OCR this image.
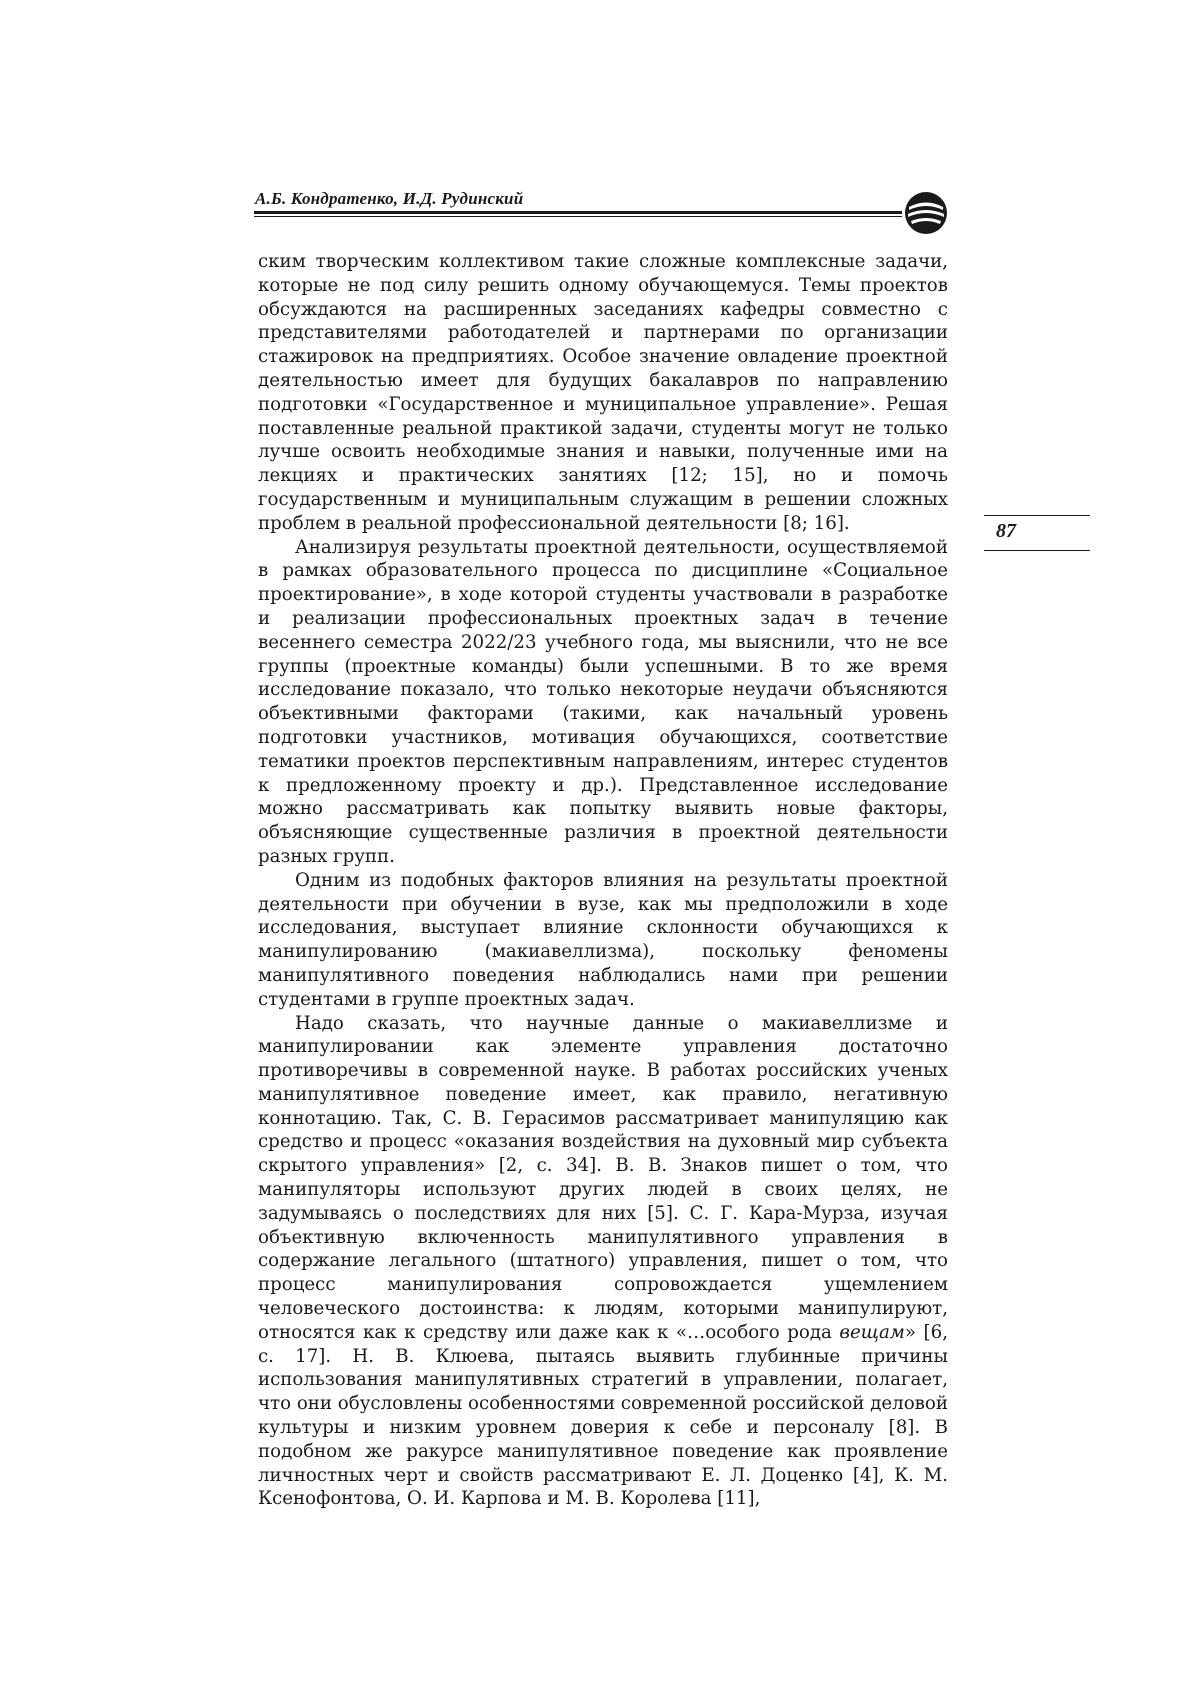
А.Б. Кондратенко, И.Д. Рудинский
87

ским творческим коллективом такие сложные комплексные задачи, которые не под силу решить одному обучающемуся. Темы проектов обсуждаются на расширенных заседаниях кафедры совместно с представителями работодателей и партнерами по организации стажировок на предприятиях. Особое значение овладение проектной деятельностью имеет для будущих бакалавров по направлению подготовки «Государственное и муниципальное управление». Решая поставленные реальной практикой задачи, студенты могут не только лучше освоить необходимые знания и навыки, полученные ими на лекциях и практических занятиях [12; 15], но и помочь государственным и муниципальным служащим в решении сложных проблем в реальной профессиональной деятельности [8; 16].

Анализируя результаты проектной деятельности, осуществляемой в рамках образовательного процесса по дисциплине «Социальное проектирование», в ходе которой студенты участвовали в разработке и реализации профессиональных проектных задач в течение весеннего семестра 2022/23 учебного года, мы выяснили, что не все группы (проектные команды) были успешными. В то же время исследование показало, что только некоторые неудачи объясняются объективными факторами (такими, как начальный уровень подготовки участников, мотивация обучающихся, соответствие тематики проектов перспективным направлениям, интерес студентов к предложенному проекту и др.). Представленное исследование можно рассматривать как попытку выявить новые факторы, объясняющие существенные различия в проектной деятельности разных групп.

Одним из подобных факторов влияния на результаты проектной деятельности при обучении в вузе, как мы предположили в ходе исследования, выступает влияние склонности обучающихся к манипулированию (макиавеллизма), поскольку феномены манипулятивного поведения наблюдались нами при решении студентами в группе проектных задач.

Надо сказать, что научные данные о макиавеллизме и манипулировании как элементе управления достаточно противоречивы в современной науке. В работах российских ученых манипулятивное поведение имеет, как правило, негативную коннотацию. Так, С. В. Герасимов рассматривает манипуляцию как средство и процесс «оказания воздействия на духовный мир субъекта скрытого управления» [2, с. 34]. В. В. Знаков пишет о том, что манипуляторы используют других людей в своих целях, не задумываясь о последствиях для них [5]. С. Г. Кара-Мурза, изучая объективную включенность манипулятивного управления в содержание легального (штатного) управления, пишет о том, что процесс манипулирования сопровождается ущемлением человеческого достоинства: к людям, которыми манипулируют, относятся как к средству или даже как к «…особого рода вещам» [6, с. 17]. Н. В. Клюева, пытаясь выявить глубинные причины использования манипулятивных стратегий в управлении, полагает, что они обусловлены особенностями современной российской деловой культуры и низким уровнем доверия к себе и персоналу [8]. В подобном же ракурсе манипулятивное поведение как проявление личностных черт и свойств рассматривают Е. Л. Доценко [4], К. М. Ксенофонтова, О. И. Карпова и М. В. Королева [11],
